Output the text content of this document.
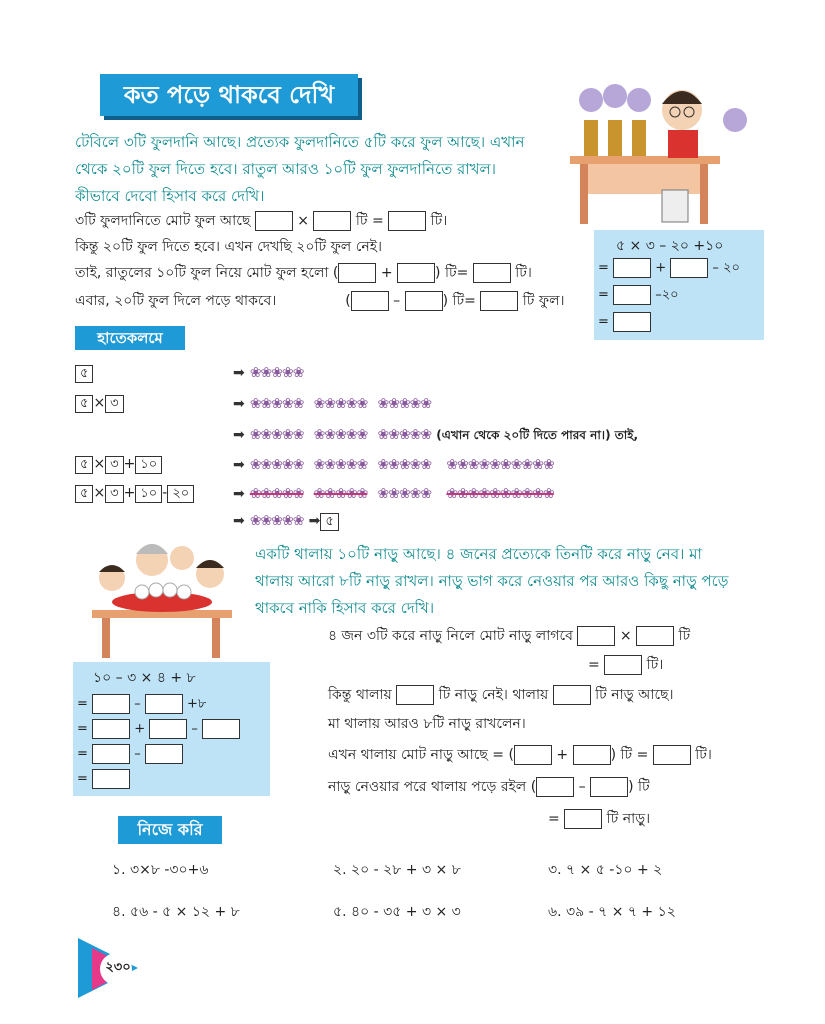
কত পড়ে থাকবে দেখি
টেবিলে ৩টি ফুলদানি আছে। প্রত্যেক ফুলদানিতে ৫টি করে ফুল আছে। এখান
থেকে ২০টি ফুল দিতে হবে। রাতুল আরও ১০টি ফুল ফুলদানিতে রাখল।
কীভাবে দেবো হিসাব করে দেখি।
৩টি ফুলদানিতে মোট ফুল আছে	×	টি =	টি।
কিন্তু ২০টি ফুল দিতে হবে। এখন দেখছি ২০টি ফুল নেই।
তাই, রাতুলের ১০টি ফুল নিয়ে মোট ফুল হলো (	+	) টি=	টি।
এবার, ২০টি ফুল দিলে পড়ে থাকবে।	(	–	) টি=	টি ফুল।
৫ × ৩ – ২০ +১০
=	+	– ২০
=	–২০
=
হাতেকলমে
৫	➡ ❀❀❀❀❀
৫ × ৩	➡ ❀❀❀❀❀ ❀❀❀❀❀ ❀❀❀❀❀
➡ ❀❀❀❀❀ ❀❀❀❀❀ ❀❀❀❀❀ (এখান থেকে ২০টি দিতে পারব না।) তাই,
৫ × ৩ + ১০	➡ ❀❀❀❀❀ ❀❀❀❀❀ ❀❀❀❀❀ ❀❀❀❀❀❀❀❀❀❀
৫ × ৩ + ১০ - ২০	➡ ❀❀❀❀❀ ❀❀❀❀❀ ❀❀❀❀❀ ❀❀❀❀❀❀❀❀❀❀
➡ ❀❀❀❀❀ ➡ ৫
একটি থালায় ১০টি নাড়ু আছে। ৪ জনের প্রত্যেকে তিনটি করে নাড়ু নেব। মা
থালায় আরো ৮টি নাড়ু রাখল। নাড়ু ভাগ করে নেওয়ার পর আরও কিছু নাড়ু পড়ে
থাকবে নাকি হিসাব করে দেখি।
৪ জন ৩টি করে নাড়ু নিলে মোট নাড়ু লাগবে	×	টি
=	টি।
কিন্তু থালায়	টি নাড়ু নেই। থালায়	টি নাড়ু আছে।
মা থালায় আরও ৮টি নাড়ু রাখলেন।
এখন থালায় মোট নাড়ু আছে = (	+	) টি =	টি।
নাড়ু নেওয়ার পরে থালায় পড়ে রইল (	–	) টি
=	টি নাড়ু।
১০ – ৩ × ৪ + ৮
=	–	+৮
=	+	–
=	–
=
নিজে করি
১. ৩×৮ -৩০+৬	২. ২০ - ২৮ + ৩ × ৮	৩. ৭ × ৫ -১০ + ২
৪. ৫৬ - ৫ × ১২ + ৮	৫. ৪০ - ৩৫ + ৩ × ৩	৬. ৩৯ - ৭ × ৭ + ১২
২৩০
